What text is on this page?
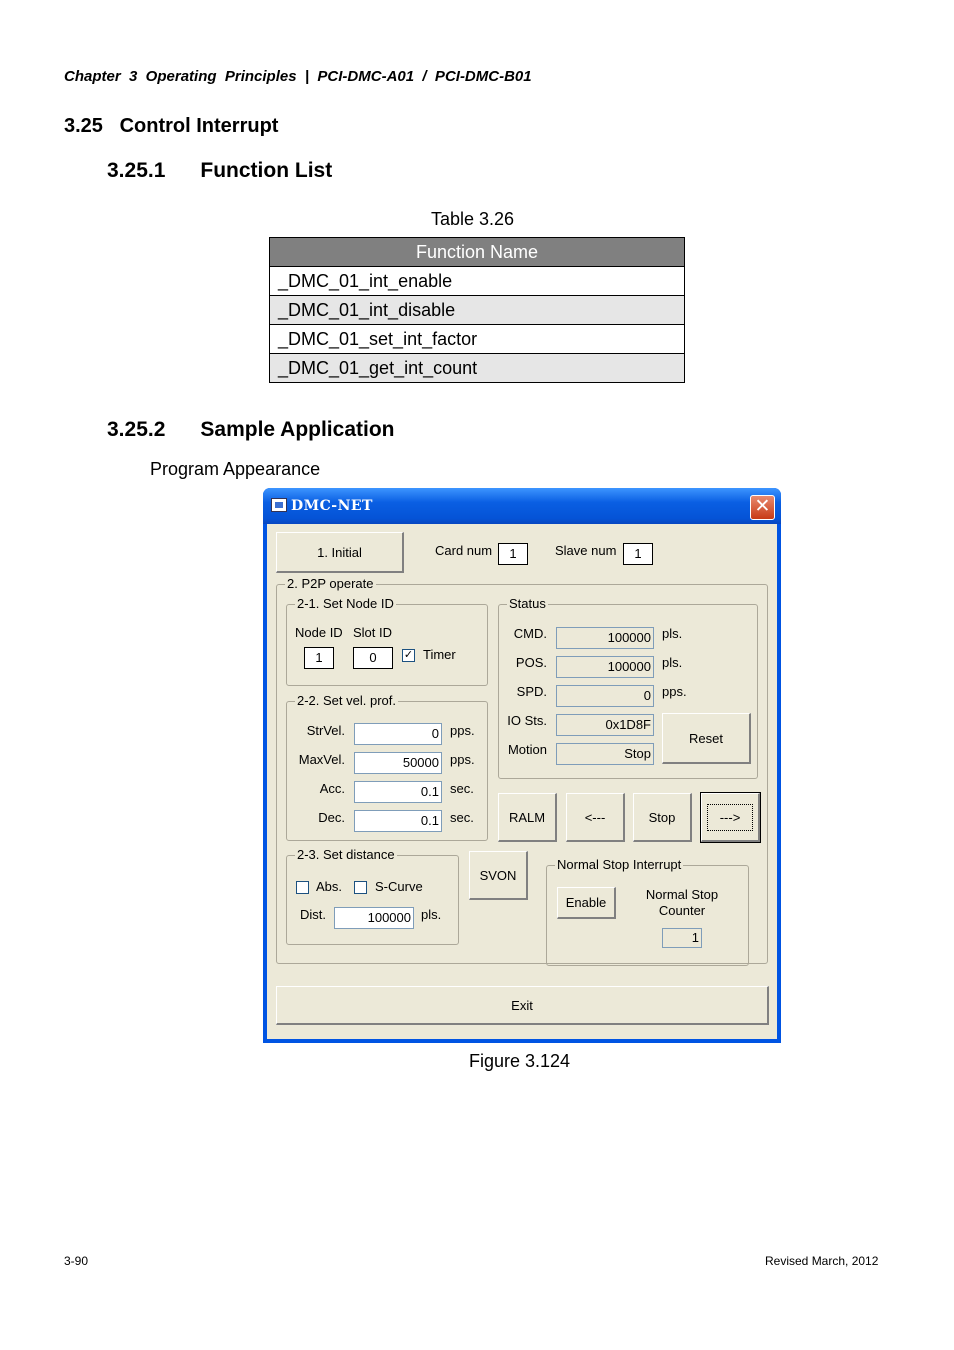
Chapter  3  Operating  Principles  |  PCI-DMC-A01  /  PCI-DMC-B01
3.25   Control Interrupt
3.25.1      Function List
Table 3.26
Function Name
_DMC_01_int_enable
_DMC_01_int_disable
_DMC_01_set_int_factor
_DMC_01_get_int_count
3.25.2      Sample Application
Program Appearance
DMC-NET	✕
1. Initial	Card num	1	Slave num	1
2. P2P operate
2-1. Set Node ID
Node ID Slot ID
1	0	✓ Timer
2-2. Set vel. prof.
StrVel.	0 pps.
MaxVel.	50000 pps.
Acc.	0.1 sec.
Dec.	0.1 sec.
2-3. Set distance
Abs.	S-Curve
Dist.	100000 pls.
Status
CMD.	100000 pls.
POS.	100000 pls.
SPD.	0 pps.
IO Sts.	0x1D8F
Motion	Stop
Reset
RALM	<---	Stop	--->
SVON
Normal Stop Interrupt
Enable
Normal Stop
Counter
1
Exit
Figure 3.124
3-90	Revised March, 2012
